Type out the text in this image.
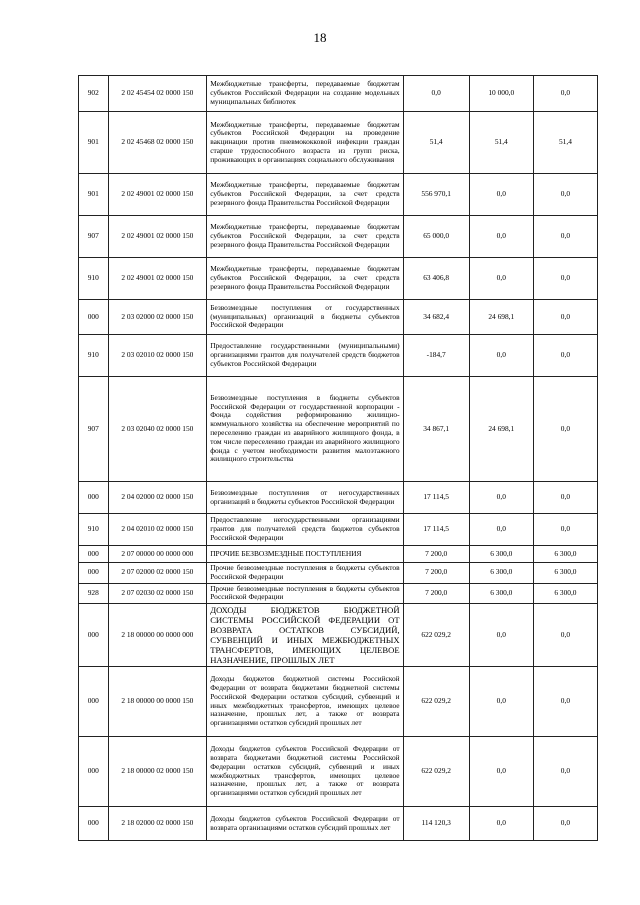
18
902	2 02 45454 02 0000 150	Межбюджетные трансферты, передаваемые бюджетам субъектов Российской Федерации на создание модельных муниципальных библиотек	0,0	10 000,0	0,0
901	2 02 45468 02 0000 150	Межбюджетные трансферты, передаваемые бюджетам субъектов Российской Федерации на проведение вакцинации против пневмококковой инфекции граждан старше трудоспособного возраста из групп риска, проживающих в организациях социального обслуживания	51,4	51,4	51,4
901	2 02 49001 02 0000 150	Межбюджетные трансферты, передаваемые бюджетам субъектов Российской Федерации, за счет средств резервного фонда Правительства Российской Федерации	556 970,1	0,0	0,0
907	2 02 49001 02 0000 150	Межбюджетные трансферты, передаваемые бюджетам субъектов Российской Федерации, за счет средств резервного фонда Правительства Российской Федерации	65 000,0	0,0	0,0
910	2 02 49001 02 0000 150	Межбюджетные трансферты, передаваемые бюджетам субъектов Российской Федерации, за счет средств резервного фонда Правительства Российской Федерации	63 406,8	0,0	0,0
000	2 03 02000 02 0000 150	Безвозмездные поступления от государственных (муниципальных) организаций в бюджеты субъектов Российской Федерации	34 682,4	24 698,1	0,0
910	2 03 02010 02 0000 150	Предоставление государственными (муниципальными) организациями грантов для получателей средств бюджетов субъектов Российской Федерации	-184,7	0,0	0,0
907	2 03 02040 02 0000 150	Безвозмездные поступления в бюджеты субъектов Российской Федерации от государственной корпорации - Фонда содействия реформированию жилищно-коммунального хозяйства на обеспечение мероприятий по переселению граждан из аварийного жилищного фонда, в том числе переселению граждан из аварийного жилищного фонда с учетом необходимости развития малоэтажного жилищного строительства	34 867,1	24 698,1	0,0
000	2 04 02000 02 0000 150	Безвозмездные поступления от негосударственных организаций в бюджеты субъектов Российской Федерации	17 114,5	0,0	0,0
910	2 04 02010 02 0000 150	Предоставление негосударственными организациями грантов для получателей средств бюджетов субъектов Российской Федерации	17 114,5	0,0	0,0
000	2 07 00000 00 0000 000	ПРОЧИЕ БЕЗВОЗМЕЗДНЫЕ ПОСТУПЛЕНИЯ	7 200,0	6 300,0	6 300,0
000	2 07 02000 02 0000 150	Прочие безвозмездные поступления в бюджеты субъектов Российской Федерации	7 200,0	6 300,0	6 300,0
928	2 07 02030 02 0000 150	Прочие безвозмездные поступления в бюджеты субъектов Российской Федерации	7 200,0	6 300,0	6 300,0
000	2 18 00000 00 0000 000	ДОХОДЫ БЮДЖЕТОВ БЮДЖЕТНОЙ СИСТЕМЫ РОССИЙСКОЙ ФЕДЕРАЦИИ ОТ ВОЗВРАТА ОСТАТКОВ СУБСИДИЙ, СУБВЕНЦИЙ И ИНЫХ МЕЖБЮДЖЕТНЫХ ТРАНСФЕРТОВ, ИМЕЮЩИХ ЦЕЛЕВОЕ НАЗНАЧЕНИЕ, ПРОШЛЫХ ЛЕТ	622 029,2	0,0	0,0
000	2 18 00000 00 0000 150	Доходы бюджетов бюджетной системы Российской Федерации от возврата бюджетами бюджетной системы Российской Федерации остатков субсидий, субвенций и иных межбюджетных трансфертов, имеющих целевое назначение, прошлых лет, а также от возврата организациями остатков субсидий прошлых лет	622 029,2	0,0	0,0
000	2 18 00000 02 0000 150	Доходы бюджетов субъектов Российской Федерации от возврата бюджетами бюджетной системы Российской Федерации остатков субсидий, субвенций и иных межбюджетных трансфертов, имеющих целевое назначение, прошлых лет, а также от возврата организациями остатков субсидий прошлых лет	622 029,2	0,0	0,0
000	2 18 02000 02 0000 150	Доходы бюджетов субъектов Российской Федерации от возврата организациями остатков субсидий прошлых лет	114 120,3	0,0	0,0
